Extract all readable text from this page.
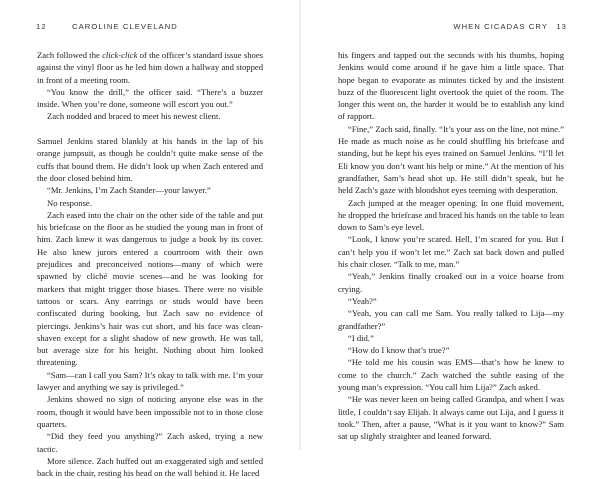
12	CAROLINE CLEVELAND

Zach followed the click-click of the officer’s standard issue shoes against the vinyl floor as he led him down a hallway and stopped in front of a meeting room.

“You know the drill,” the officer said. “There’s a buzzer inside. When you’re done, someone will escort you out.”

Zach nodded and braced to meet his newest client.

Samuel Jenkins stared blankly at his hands in the lap of his orange jumpsuit, as though he couldn’t quite make sense of the cuffs that bound them. He didn’t look up when Zach entered and the door closed behind him.

“Mr. Jenkins, I’m Zach Stander—your lawyer.”

No response.

Zach eased into the chair on the other side of the table and put his briefcase on the floor as he studied the young man in front of him. Zach knew it was dangerous to judge a book by its cover. He also knew jurors entered a courtroom with their own prejudices and preconceived notions—many of which were spawned by cliché movie scenes—and he was looking for markers that might trigger those biases. There were no visible tattoos or scars. Any earrings or studs would have been confiscated during booking, but Zach saw no evidence of piercings. Jenkins’s hair was cut short, and his face was clean-shaven except for a slight shadow of new growth. He was tall, but average size for his height. Nothing about him looked threatening.

“Sam—can I call you Sam? It’s okay to talk with me. I’m your lawyer and anything we say is privileged.”

Jenkins showed no sign of noticing anyone else was in the room, though it would have been impossible not to in those close quarters.

“Did they feed you anything?” Zach asked, trying a new tactic.

More silence. Zach huffed out an exaggerated sigh and settled back in the chair, resting his head on the wall behind it. He laced

WHEN CICADAS CRY 13

his fingers and tapped out the seconds with his thumbs, hoping Jenkins would come around if he gave him a little space. That hope began to evaporate as minutes ticked by and the insistent buzz of the fluorescent light overtook the quiet of the room. The longer this went on, the harder it would be to establish any kind of rapport.

“Fine,” Zach said, finally. “It’s your ass on the line, not mine.” He made as much noise as he could shuffling his briefcase and standing, but he kept his eyes trained on Samuel Jenkins. “I’ll let Eli know you don’t want his help or mine.” At the mention of his grandfather, Sam’s head shot up. He still didn’t speak, but he held Zach’s gaze with bloodshot eyes teeming with desperation.

Zach jumped at the meager opening. In one fluid movement, he dropped the briefcase and braced his hands on the table to lean down to Sam’s eye level.

“Look, I know you’re scared. Hell, I’m scared for you. But I can’t help you if won’t let me.” Zach sat back down and pulled his chair closer. “Talk to me, man.”

“Yeah,” Jenkins finally croaked out in a voice hoarse from crying.

“Yeah?”

“Yeah, you can call me Sam. You really talked to Lija—my grandfather?”

“I did.”

“How do I know that’s true?”

“He told me his cousin was EMS—that’s how he knew to come to the church.” Zach watched the subtle easing of the young man’s expression. “You call him Lija?” Zach asked.

“He was never keen on being called Grandpa, and when I was little, I couldn’t say Elijah. It always came out Lija, and I guess it took.” Then, after a pause, “What is it you want to know?” Sam sat up slightly straighter and leaned forward.
